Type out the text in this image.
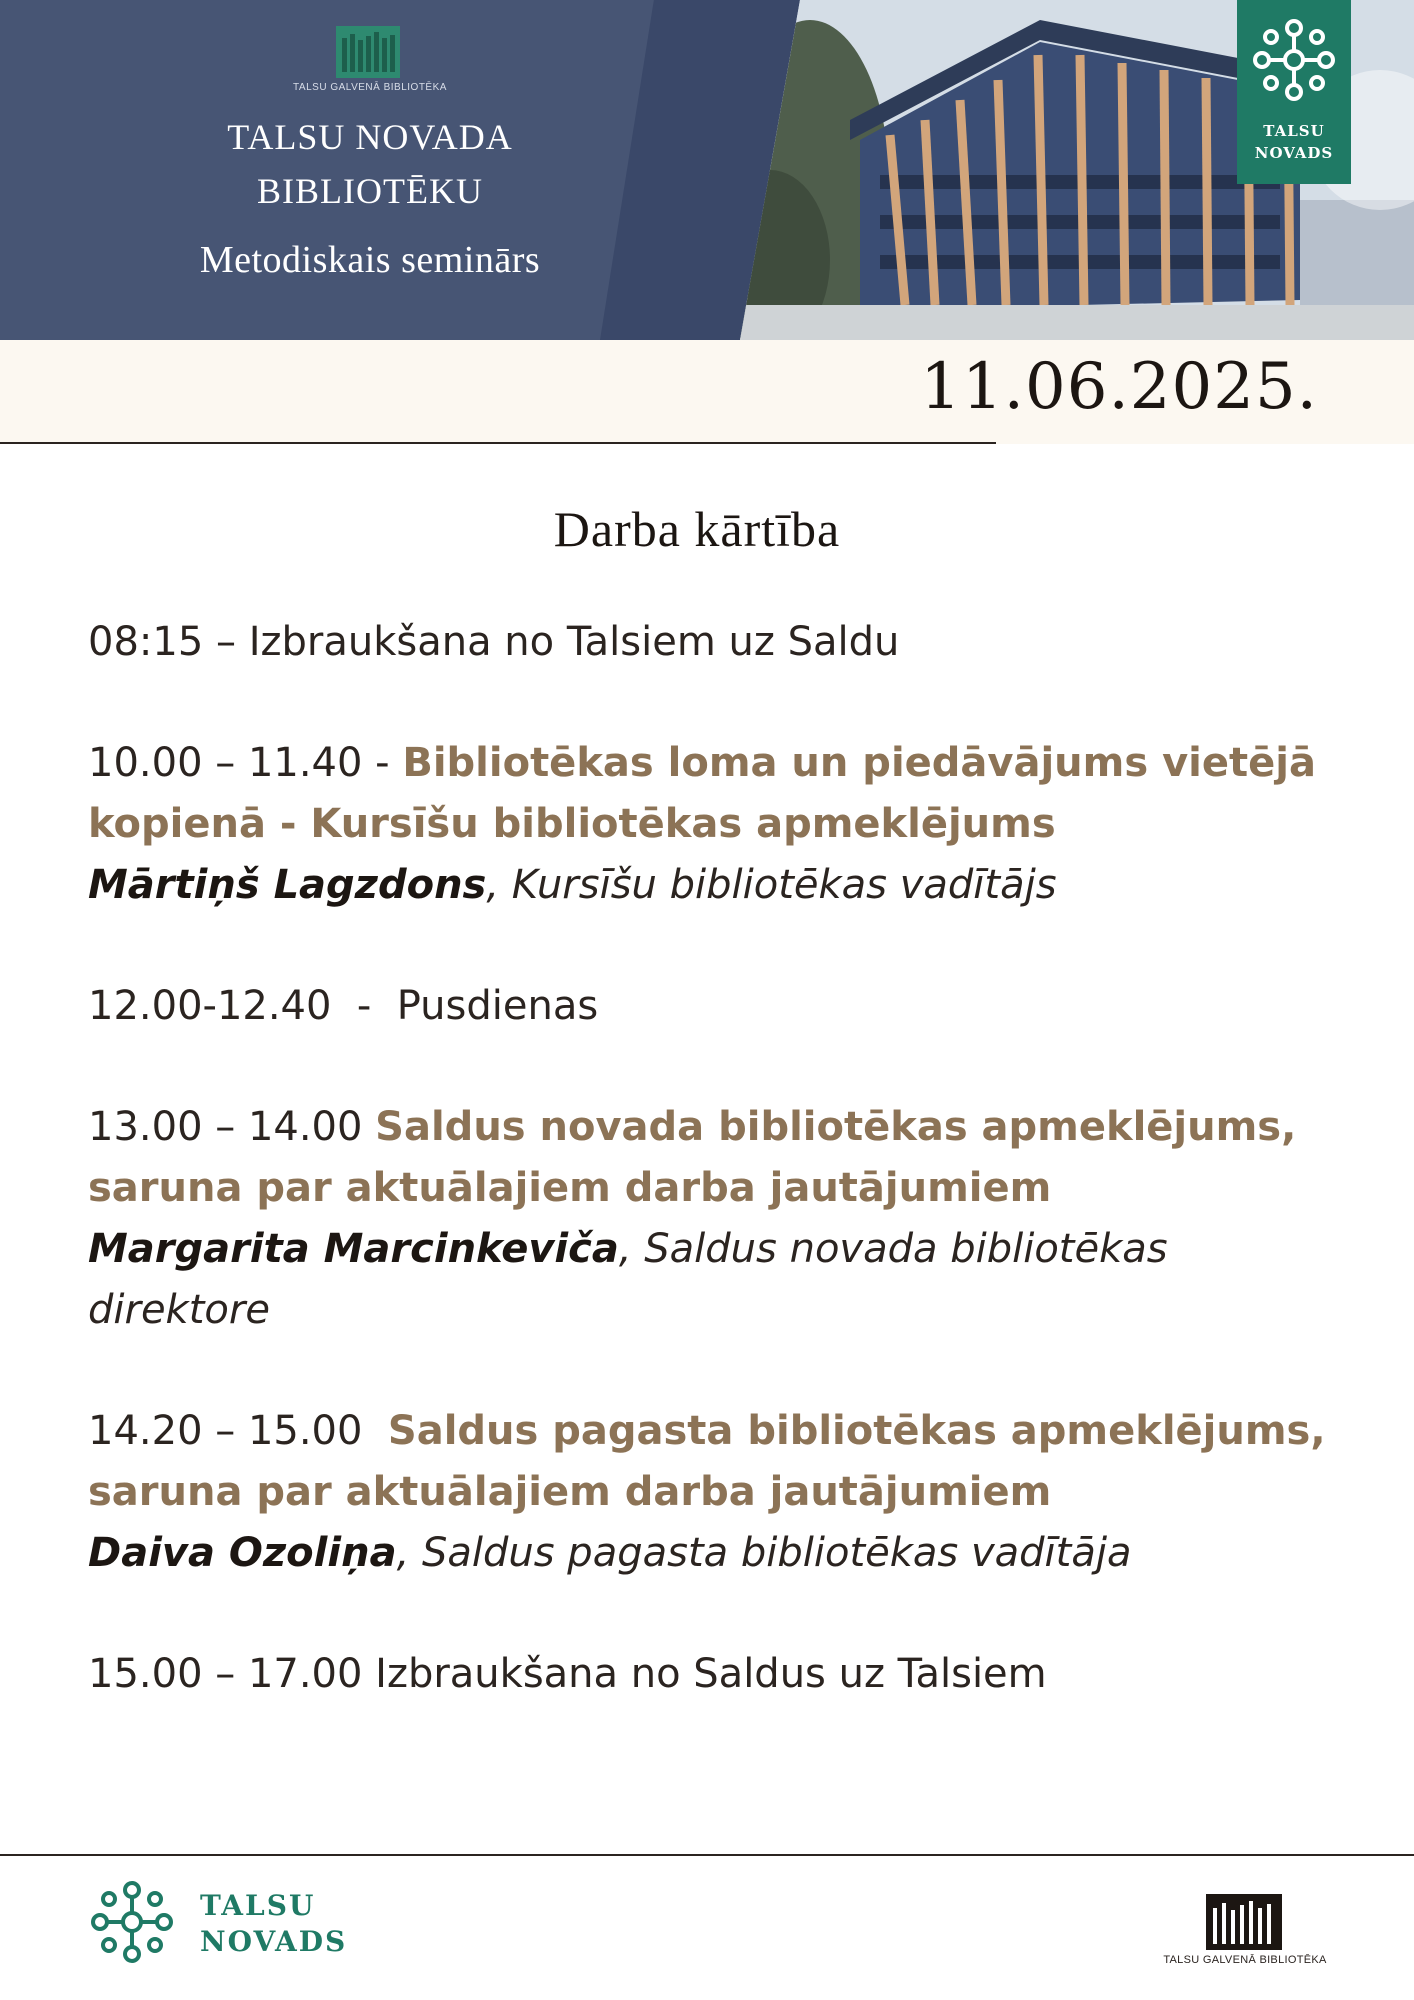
TALSU GALVENĀ BIBLIOTĒKA
TALSU NOVADA
BIBLIOTĒKU
Metodiskais seminārs
TALSU
NOVADS
11.06.2025.
Darba kārtība

08:15 – Izbraukšana no Talsiem uz Saldu

10.00 – 11.40 - Bibliotēkas loma un piedāvājums vietējā kopienā - Kursīšu bibliotēkas apmeklējums

Mārtiņš Lagzdons, Kursīšu bibliotēkas vadītājs

12.00-12.40  -  Pusdienas

13.00 – 14.00 Saldus novada bibliotēkas apmeklējums, saruna par aktuālajiem darba jautājumiem

Margarita Marcinkeviča, Saldus novada bibliotēkas direktore

14.20 – 15.00  Saldus pagasta bibliotēkas apmeklējums, saruna par aktuālajiem darba jautājumiem

Daiva Ozoliņa, Saldus pagasta bibliotēkas vadītāja

15.00 – 17.00 Izbraukšana no Saldus uz Talsiem

TALSU
NOVADS
TALSU GALVENĀ BIBLIOTĒKA
